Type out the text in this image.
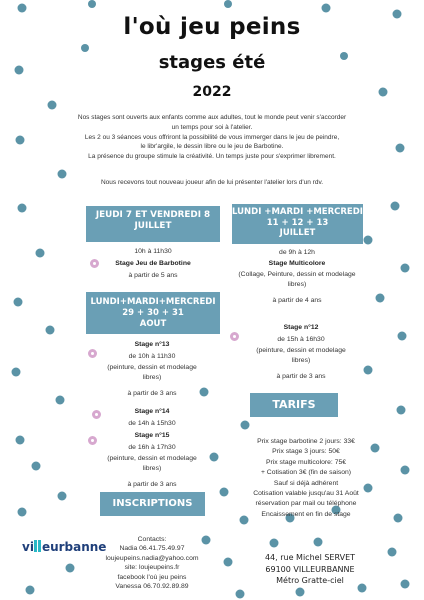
l'où jeu peins
stages été
2022

Nos stages sont ouverts aux enfants comme aux adultes, tout le monde peut venir s'accorder

un temps pour soi à l'atelier.

Les 2 ou 3 séances vous offriront la possibilité de vous immerger dans le jeu de peindre,

le libr'argile, le dessin libre ou le jeu de Barbotine.

La présence du groupe stimule la créativité. Un temps juste pour s'exprimer librement.

Nous recevons tout nouveau joueur afin de lui présenter l'atelier lors d'un rdv.
JEUDI 7 ET VENDREDI 8
JUILLET
10h à 11h30
Stage Jeu de Barbotine
à partir de 5 ans
LUNDI +MARDI +MERCREDI
11 + 12 + 13
JUILLET
de 9h à 12h
Stage Multicolore
(Collage, Peinture, dessin et modelage
libres)
à partir de 4 ans
LUNDI+MARDI+MERCREDI
29 + 30 + 31
AOUT
Stage n°13
de 10h à 11h30
(peinture, dessin et modelage
libres)
à partir de 3 ans
Stage n°12
de 15h à 16h30
(peinture, dessin et modelage
libres)
à partir de 3 ans
Stage n°14
de 14h à 15h30
Stage n°15
de 16h à 17h30
(peinture, dessin et modelage
libres)
à partir de 3 ans
TARIFS
Prix stage barbotine 2 jours: 33€
Prix stage 3 jours: 50€
Prix stage multicolore: 75€
+ Cotisation 3€ (fin de saison)
Sauf si déjà adhérent
Cotisation valable jusqu'au 31 Août
réservation par mail ou téléphone
Encaissement en fin de stage
INSCRIPTIONS
Contacts:
Nadia 06.41.75.49.97
loujeupeins.nadia@yahoo.com
site: loujeupeins.fr
facebook l'où jeu peins
Vanessa 06.70.92.89.89
vi eurbanne
44, rue Michel SERVET
69100 VILLEURBANNE
Métro Gratte-ciel
